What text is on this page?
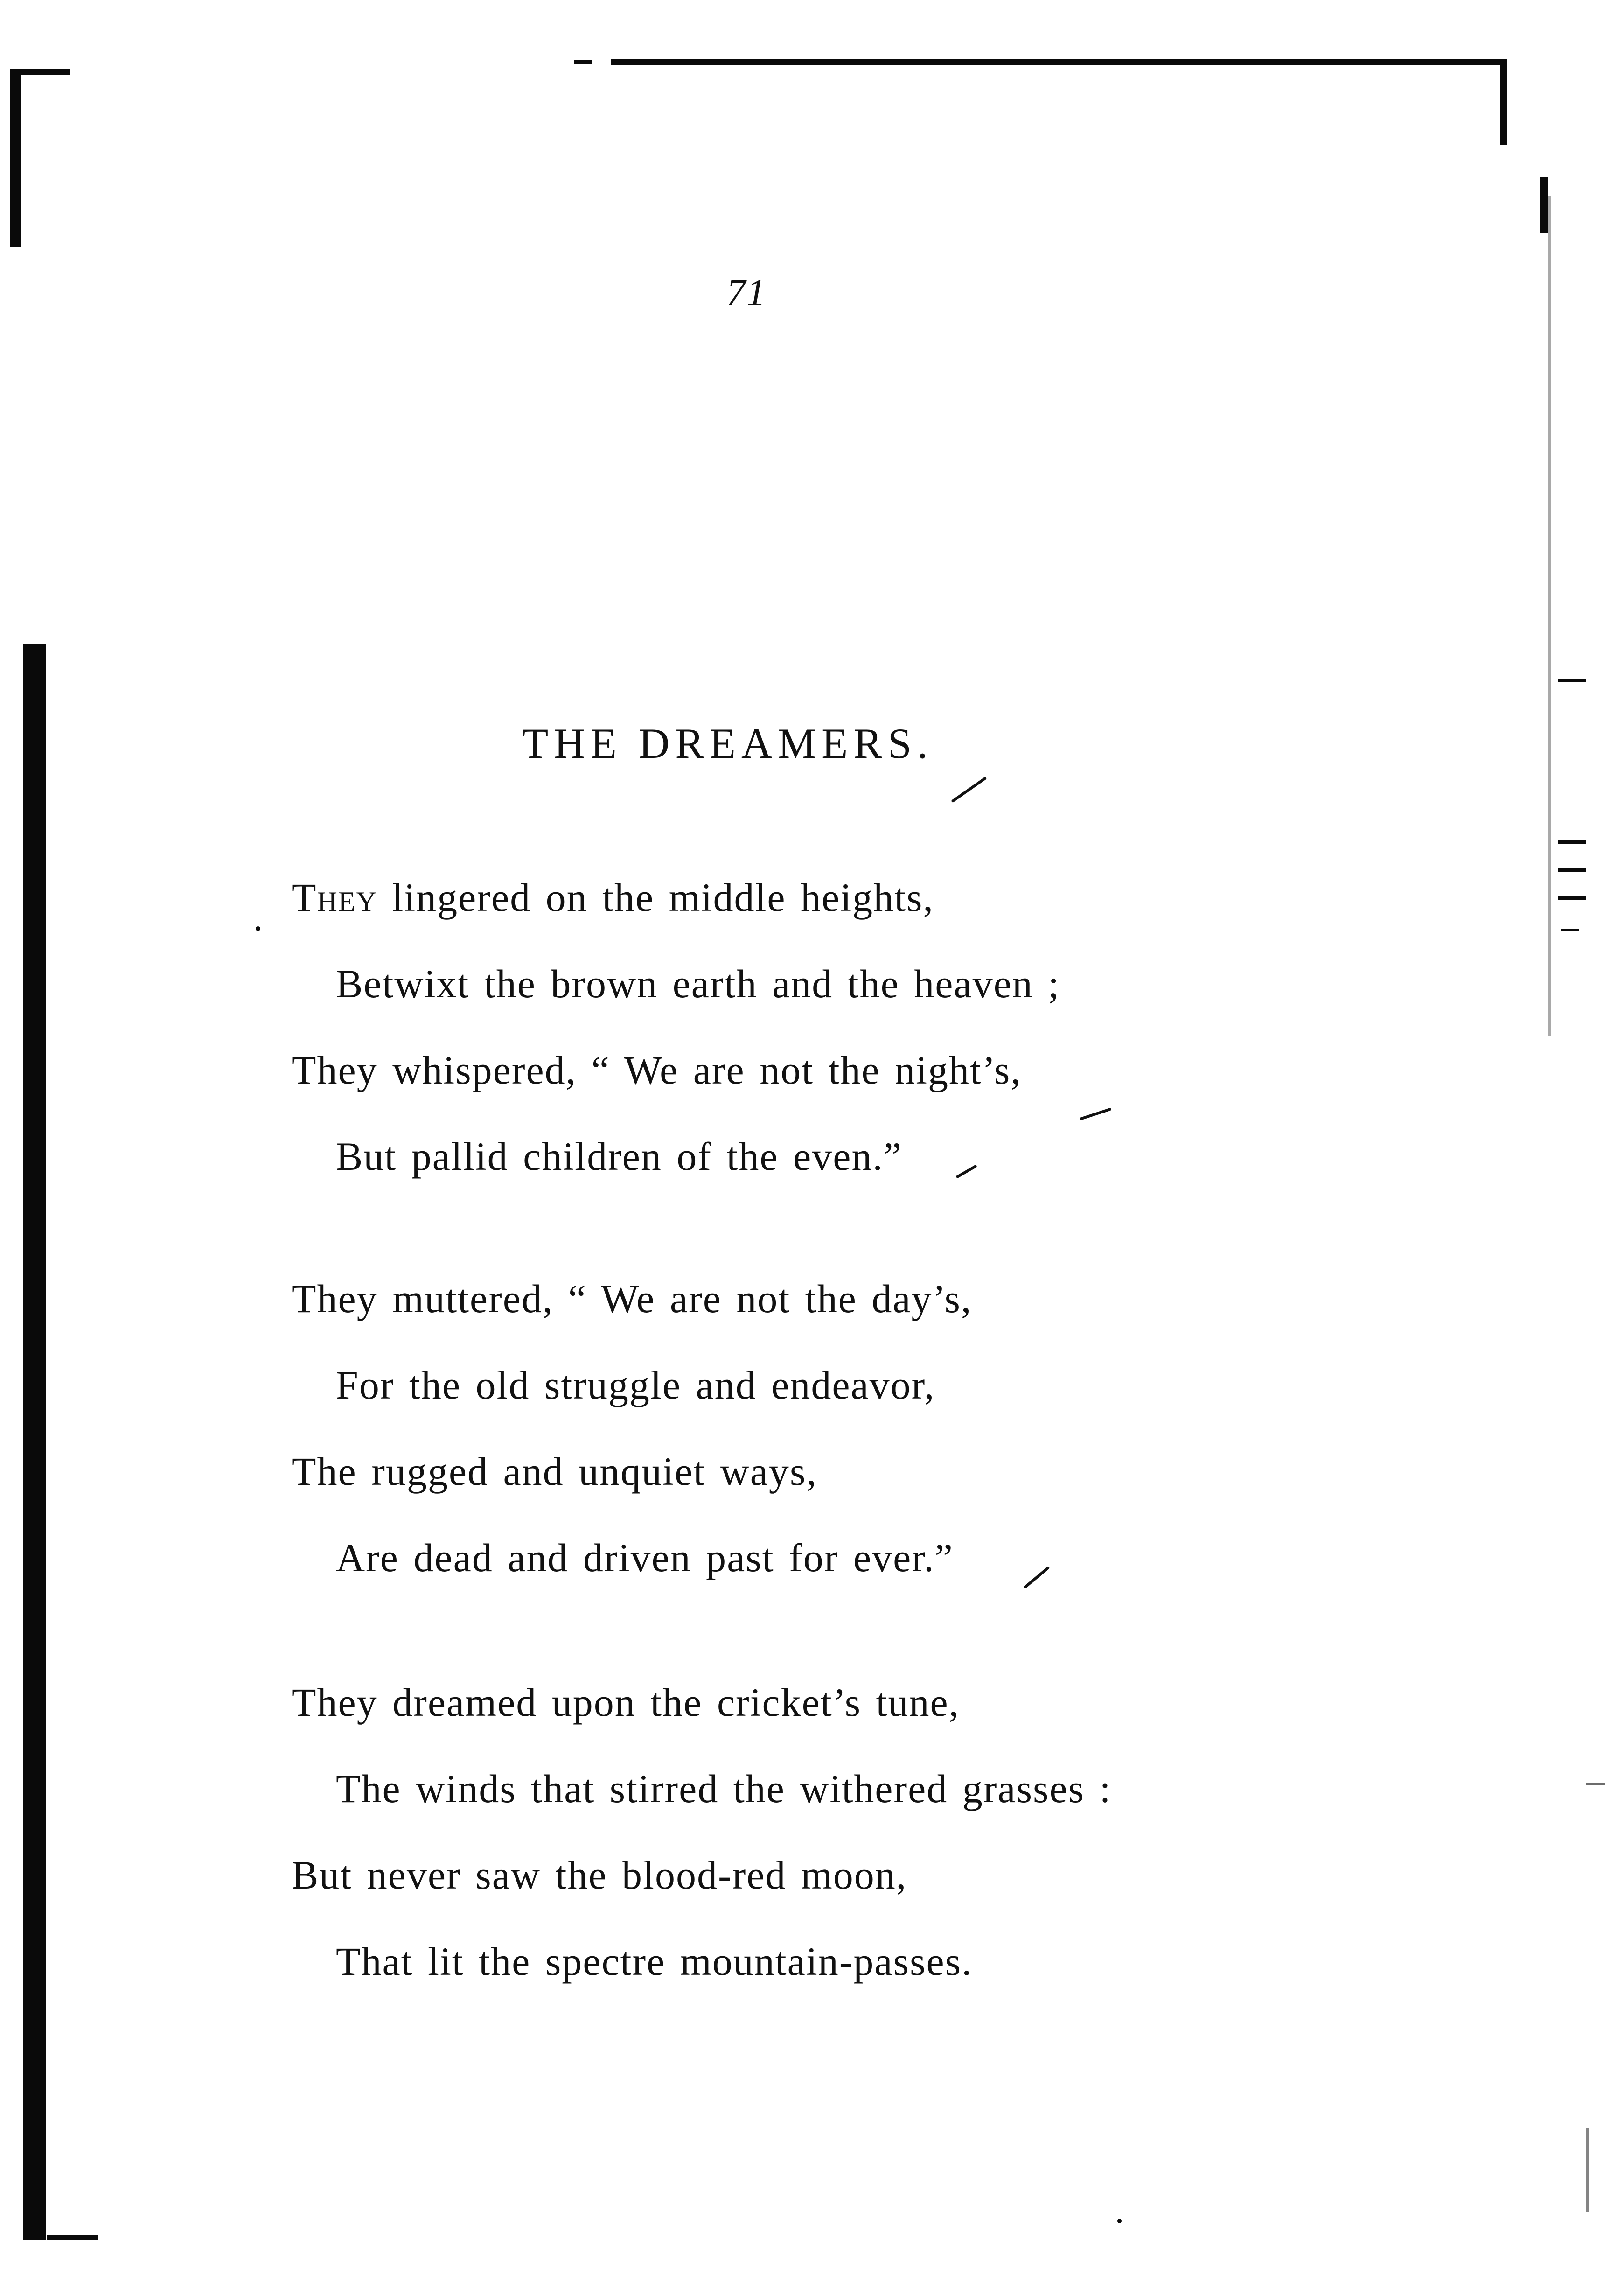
71
THE DREAMERS.
They lingered on the middle heights,
Betwixt the brown earth and the heaven ;
They whispered, “ We are not the night’s,
But pallid children of the even.”
They muttered, “ We are not the day’s,
For the old struggle and endeavor,
The rugged and unquiet ways,
Are dead and driven past for ever.”
They dreamed upon the cricket’s tune,
The winds that stirred the withered grasses :
But never saw the blood-red moon,
That lit the spectre mountain-passes.
